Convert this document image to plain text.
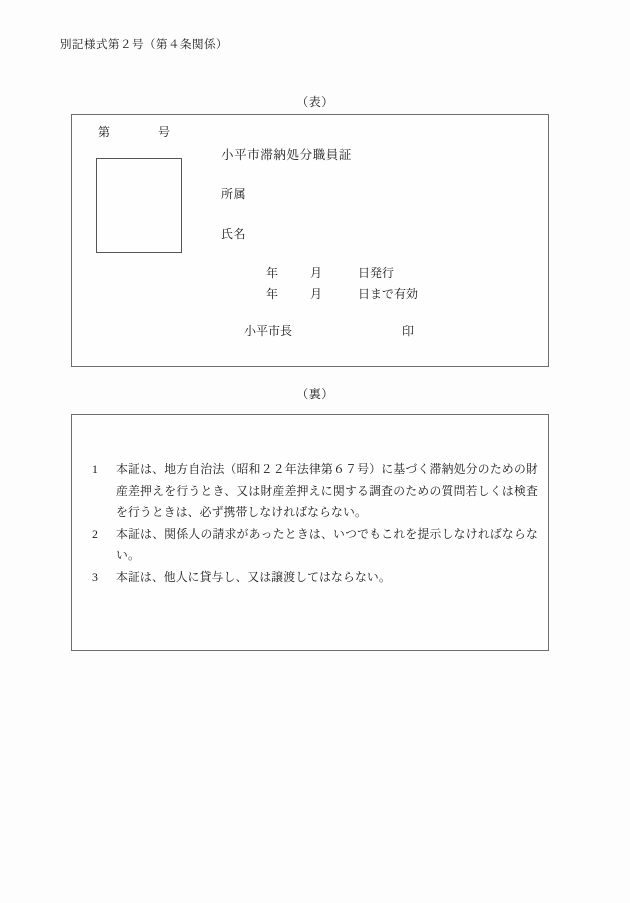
別記様式第２号（第４条関係）
（表）
第	号
小平市滞納処分職員証
所属
氏名
年	月	日発行
年	月	日まで有効
小平市長	印
（裏）
1 本証は、地方自治法（昭和２２年法律第６７号）に基づく滞納処分のための財産差押えを行うとき、又は財産差押えに関する調査のための質問若しくは検査を行うときは、必ず携帯しなければならない。
2 本証は、関係人の請求があったときは、いつでもこれを提示しなければならない。
3 本証は、他人に貸与し、又は譲渡してはならない。
